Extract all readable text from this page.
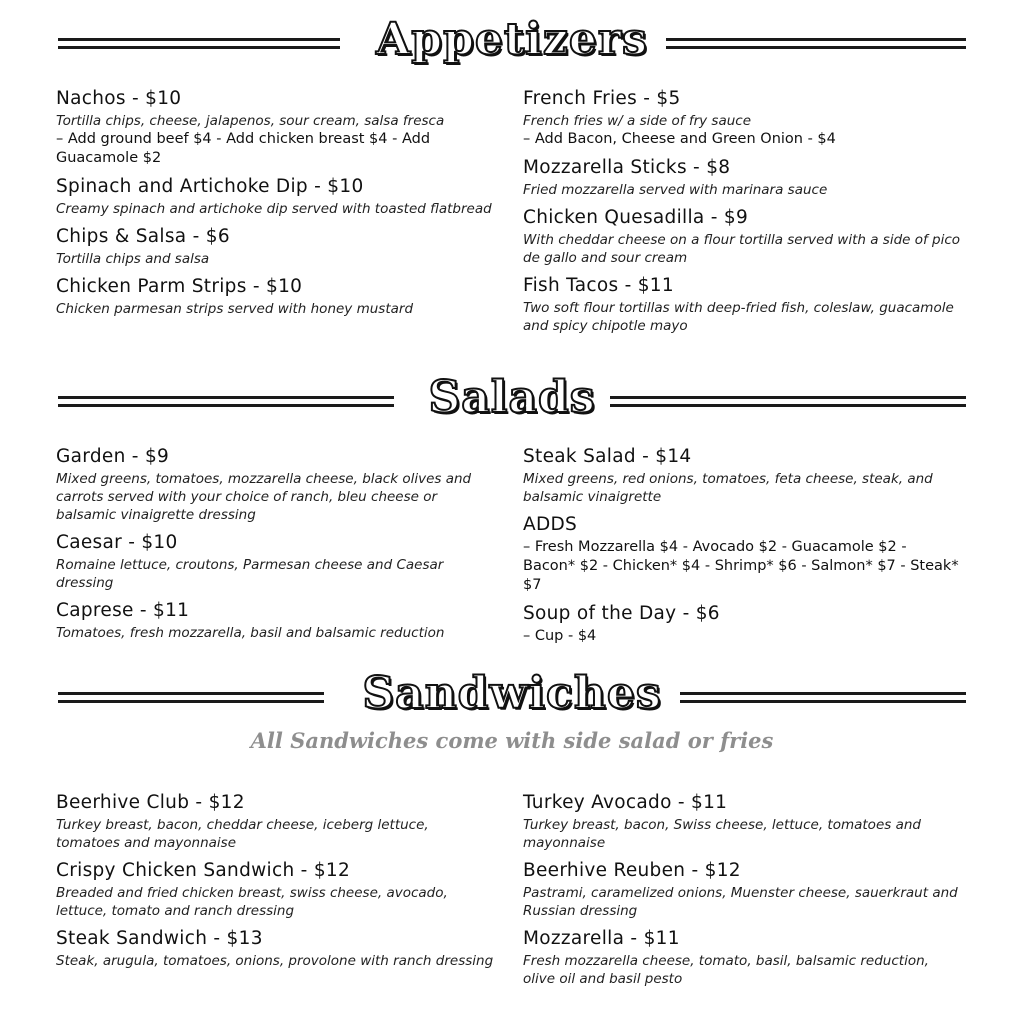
Appetizers
Nachos - $10
Tortilla chips, cheese, jalapenos, sour cream, salsa fresca
– Add ground beef $4 - Add chicken breast $4 - Add Guacamole $2
Spinach and Artichoke Dip - $10
Creamy spinach and artichoke dip served with toasted flatbread
Chips & Salsa - $6
Tortilla chips and salsa
Chicken Parm Strips - $10
Chicken parmesan strips served with honey mustard
French Fries - $5
French fries w/ a side of fry sauce
– Add Bacon, Cheese and Green Onion - $4
Mozzarella Sticks - $8
Fried mozzarella served with marinara sauce
Chicken Quesadilla - $9
With cheddar cheese on a flour tortilla served with a side of pico de gallo and sour cream
Fish Tacos - $11
Two soft flour tortillas with deep-fried fish, coleslaw, guacamole and spicy chipotle mayo
Salads
Garden - $9
Mixed greens, tomatoes, mozzarella cheese, black olives and carrots served with your choice of ranch, bleu cheese or balsamic vinaigrette dressing
Caesar - $10
Romaine lettuce, croutons, Parmesan cheese and Caesar dressing
Caprese - $11
Tomatoes, fresh mozzarella, basil and balsamic reduction
Steak Salad - $14
Mixed greens, red onions, tomatoes, feta cheese, steak, and balsamic vinaigrette
ADDS
– Fresh Mozzarella $4 - Avocado $2 - Guacamole $2 - Bacon* $2 - Chicken* $4 - Shrimp* $6 - Salmon* $7 - Steak* $7
Soup of the Day - $6
– Cup - $4
Sandwiches
All Sandwiches come with side salad or fries
Beerhive Club - $12
Turkey breast, bacon, cheddar cheese, iceberg lettuce, tomatoes and mayonnaise
Crispy Chicken Sandwich - $12
Breaded and fried chicken breast, swiss cheese, avocado, lettuce, tomato and ranch dressing
Steak Sandwich - $13
Steak, arugula, tomatoes, onions, provolone with ranch dressing
Turkey Avocado - $11
Turkey breast, bacon, Swiss cheese, lettuce, tomatoes and mayonnaise
Beerhive Reuben - $12
Pastrami, caramelized onions, Muenster cheese, sauerkraut and Russian dressing
Mozzarella - $11
Fresh mozzarella cheese, tomato, basil, balsamic reduction, olive oil and basil pesto
